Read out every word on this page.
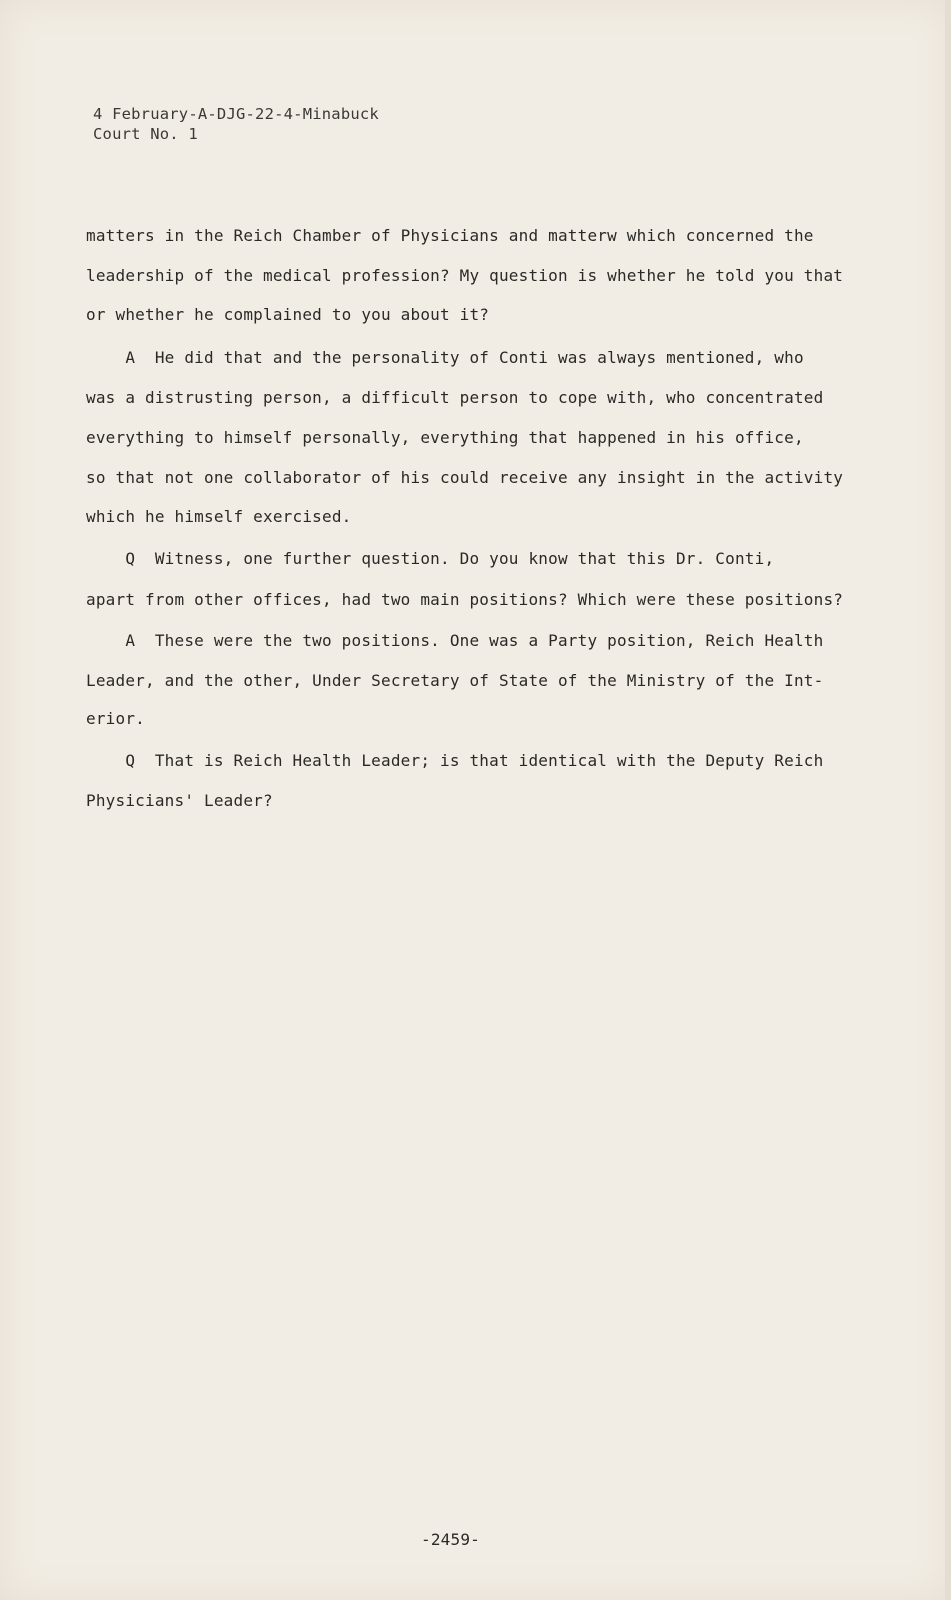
4 February-A-DJG-22-4-Minabuck
Court No. 1
matters in the Reich Chamber of Physicians and matterw which concerned the
leadership of the medical profession? My question is whether he told you that
or whether he complained to you about it?
A  He did that and the personality of Conti was always mentioned, who
was a distrusting person, a difficult person to cope with, who concentrated
everything to himself personally, everything that happened in his office,
so that not one collaborator of his could receive any insight in the activity
which he himself exercised.
Q  Witness, one further question. Do you know that this Dr. Conti,
apart from other offices, had two main positions? Which were these positions?
A  These were the two positions. One was a Party position, Reich Health
Leader, and the other, Under Secretary of State of the Ministry of the Int-
erior.
Q  That is Reich Health Leader; is that identical with the Deputy Reich
Physicians' Leader?
-2459-
